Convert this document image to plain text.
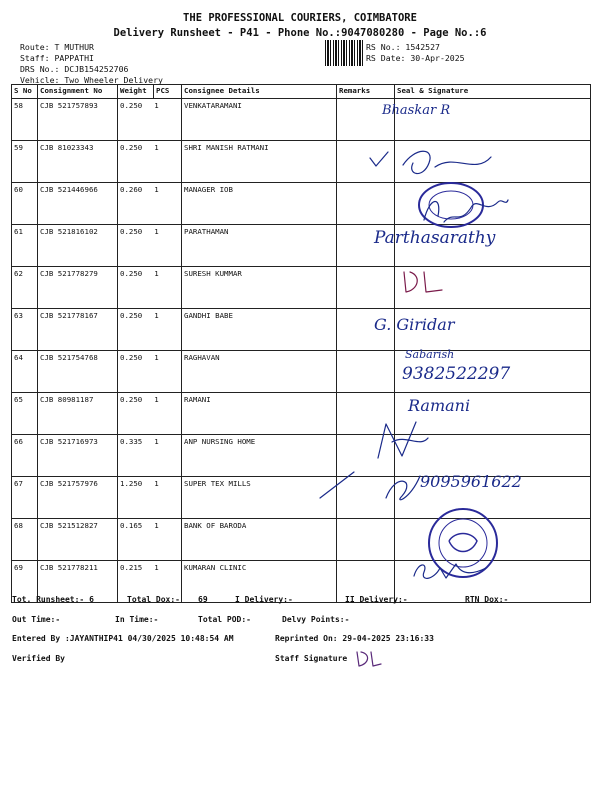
THE PROFESSIONAL COURIERS, COIMBATORE
Delivery Runsheet - P41 - Phone No.:9047080280 - Page No.:6
Route: T MUTHUR
Staff: PAPPATHI
DRS No.: DCJB154252706
Vehicle: Two Wheeler Delivery
RS No.: 1542527
RS Date: 30-Apr-2025
S No	Consignment No	Weight	PCS	Consignee Details	Remarks	Seal & Signature
58	CJB 521757893	0.250 1		VENKATARAMANI		
59	CJB 81023343	0.250 1		SHRI MANISH RATMANI		
60	CJB 521446966	0.260 1		MANAGER IOB		
61	CJB 521816102	0.250 1		PARATHAMAN		
62	CJB 521778279	0.250 1		SURESH KUMMAR		
63	CJB 521778167	0.250 1		GANDHI BABE		
64	CJB 521754768	0.250 1		RAGHAVAN		
65	CJB 80981187	0.250 1		RAMANI		
66	CJB 521716973	0.335 1		ANP NURSING HOME		
67	CJB 521757976	1.250 1		SUPER TEX MILLS		
68	CJB 521512827	0.165 1		BANK OF BARODA		
69	CJB 521778211	0.215 1		KUMARAN CLINIC		
Bhaskar R
Parthasarathy
G. Giridar
Sabarish
9382522297
Ramani
9095961622
Tot. Runsheet:- 6	Total Dox:- 69	I Delivery:-	II Delivery:-	RTN Dox:-
Out Time:-	In Time:-	Total POD:-	Delvy Points:-
Entered By :JAYANTHIP41 04/30/2025 10:48:54 AM	Reprinted On: 29-04-2025 23:16:33
Verified By	Staff Signature
